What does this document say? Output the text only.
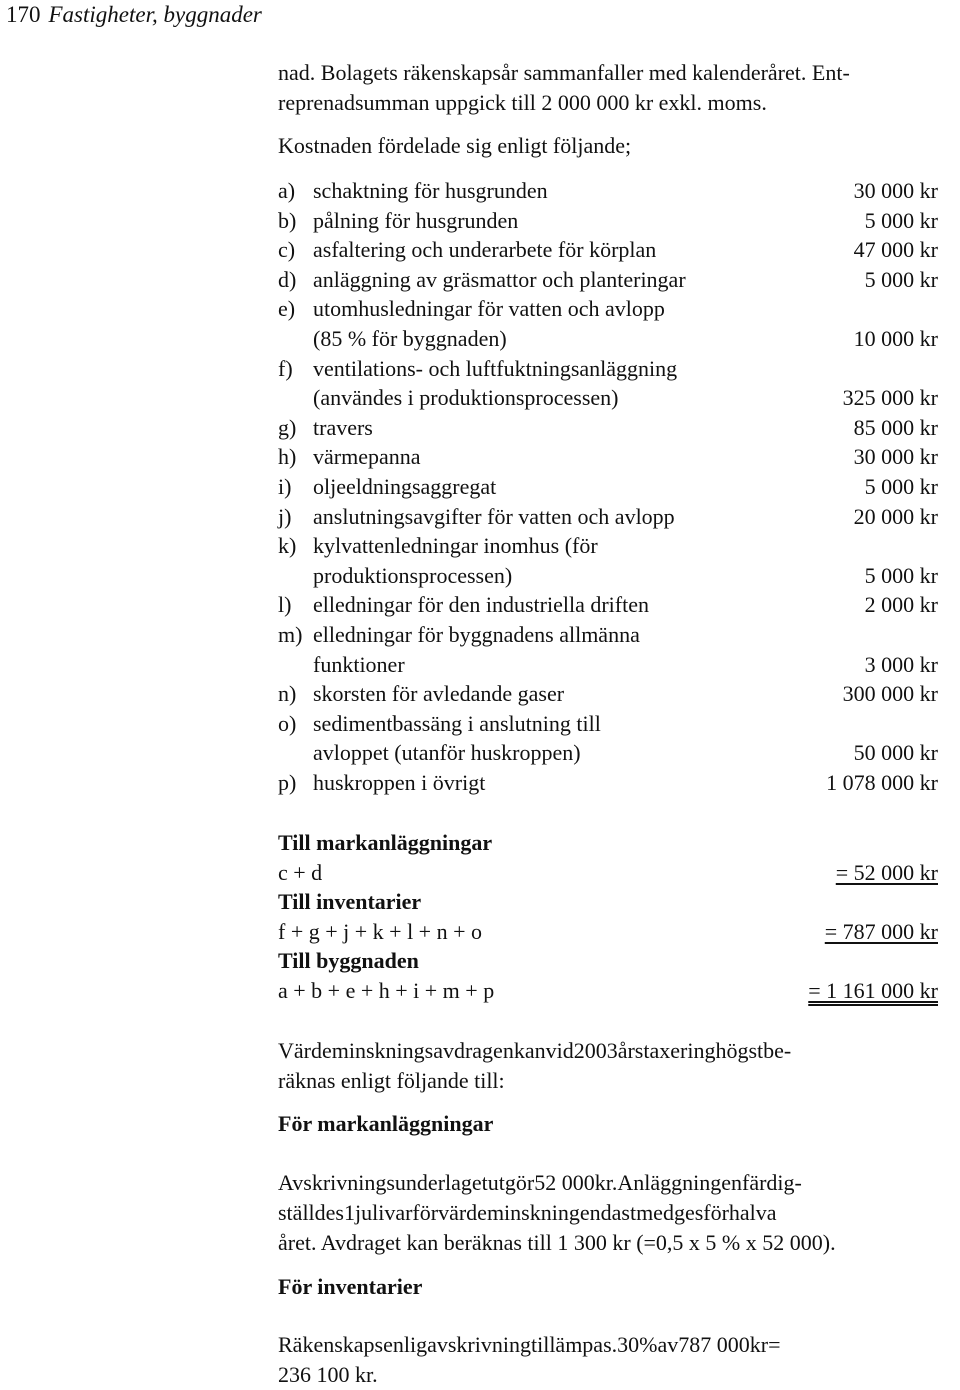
170 Fastigheter, byggnader
nad. Bolagets räkenskapsår sammanfaller med kalenderåret. Ent-
reprenadsumman uppgick till 2 000 000 kr exkl. moms.
Kostnaden fördelade sig enligt följande;
a) schaktning för husgrunden	30 000 kr
b) pålning för husgrunden	5 000 kr
c) asfaltering och underarbete för körplan	47 000 kr
d) anläggning av gräsmattor och planteringar	5 000 kr
e) utomhusledningar för vatten och avlopp
(85 % för byggnaden)	10 000 kr
f) ventilations- och luftfuktningsanläggning
(användes i produktionsprocessen)	325 000 kr
g) travers	85 000 kr
h) värmepanna	30 000 kr
i) oljeeldningsaggregat	5 000 kr
j) anslutningsavgifter för vatten och avlopp	20 000 kr
k) kylvattenledningar inomhus (för
produktionsprocessen)	5 000 kr
l) elledningar för den industriella driften	2 000 kr
m) elledningar för byggnadens allmänna
funktioner	3 000 kr
n) skorsten för avledande gaser	300 000 kr
o) sedimentbassäng i anslutning till
avloppet (utanför huskroppen)	50 000 kr
p) huskroppen i övrigt	1 078 000 kr
Till markanläggningar
c + d	= 52 000 kr
Till inventarier
f + g + j + k + l + n + o	= 787 000 kr
Till byggnaden
a + b + e + h + i + m + p	= 1 161 000 kr
Värdeminskningsavdragenkanvid2003årstaxeringhögstbe-
räknas enligt följande till:
För markanläggningar
Avskrivningsunderlagetutgör52 000kr.Anläggningenfärdig-
ställdes1julivarförvärdeminskningendastmedgesförhalva
året. Avdraget kan beräknas till 1 300 kr (=0,5 x 5 % x 52 000).
För inventarier
Räkenskapsenligavskrivningtillämpas.30%av787 000kr=
236 100 kr.
